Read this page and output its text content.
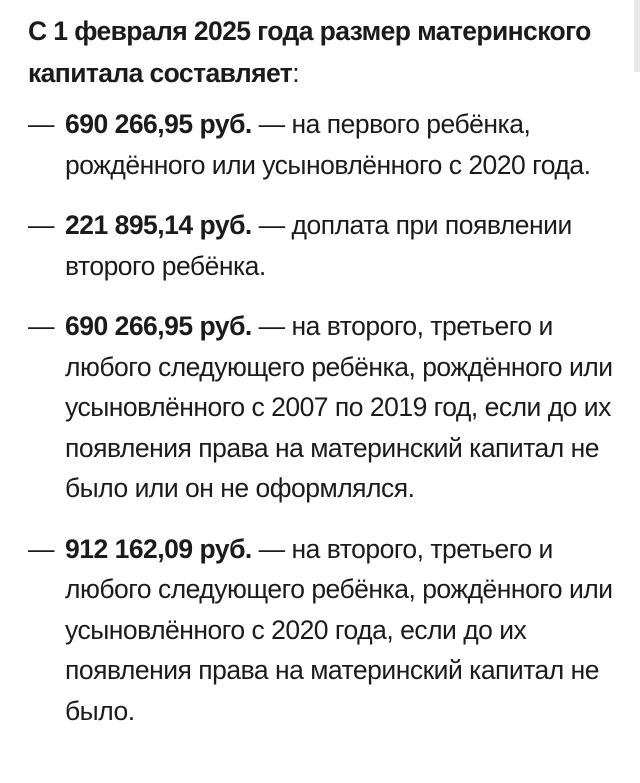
С 1 февраля 2025 года размер материнского капитала составляет:

— 690 266,95 руб. — на первого ребёнка, рождённого или усыновлённого с 2020 года.
— 221 895,14 руб. — доплата при появлении второго ребёнка.
— 690 266,95 руб. — на второго, третьего и любого следующего ребёнка, рождённого или усыновлённого с 2007 по 2019 год, если до их появления права на материнский капитал не было или он не оформлялся.
— 912 162,09 руб. — на второго, третьего и любого следующего ребёнка, рождённого или усыновлённого с 2020 года, если до их появления права на материнский капитал не было.
